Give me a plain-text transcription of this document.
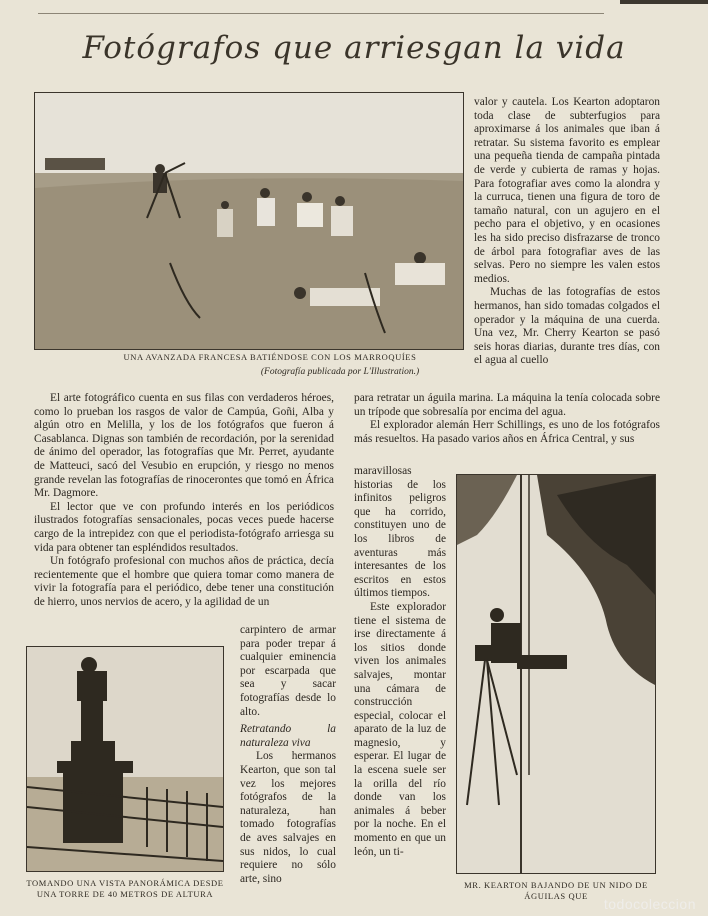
Fotógrafos que arriesgan la vida
UNA AVANZADA FRANCESA BATIÉNDOSE CON LOS MARROQUÍES
(Fotografía publicada por L'Illustration.)

valor y cautela. Los Kearton adoptaron toda clase de subterfugios para aproximarse á los animales que iban á retratar. Su sistema favorito es emplear una pequeña tienda de campaña pintada de verde y cubierta de ramas y hojas. Para fotografiar aves como la alondra y la curruca, tienen una figura de toro de tamaño natural, con un agujero en el pecho para el objetivo, y en ocasiones les ha sido preciso disfrazarse de tronco de árbol para fotografiar aves de las selvas. Pero no siempre les valen estos medios.

Muchas de las fotografías de estos hermanos, han sido tomadas colgados el operador y la máquina de una cuerda. Una vez, Mr. Cherry Kearton se pasó seis horas diarias, durante tres días, con el agua al cuello

El arte fotográfico cuenta en sus filas con verdaderos héroes, como lo prueban los rasgos de valor de Campúa, Goñi, Alba y algún otro en Melilla, y los de los fotógrafos que fueron á Casablanca. Dignas son también de recordación, por la serenidad de ánimo del operador, las fotografías que Mr. Perret, ayudante de Matteuci, sacó del Vesubio en erupción, y riesgo no menos grande revelan las fotografías de rinocerontes que tomó en África Mr. Dagmore.

El lector que ve con profundo interés en los periódicos ilustrados fotografías sensacionales, pocas veces puede hacerse cargo de la intrepidez con que el periodista-fotógrafo arriesga su vida para obtener tan espléndidos resultados.

Un fotógrafo profesional con muchos años de práctica, decía recientemente que el hombre que quiera tomar como manera de vivir la fotografía para el periódico, debe tener una constitución de hierro, unos nervios de acero, y la agilidad de un

para retratar un águila marina. La máquina la tenía colocada sobre un trípode que sobresalía por encima del agua.

El explorador alemán Herr Schillings, es uno de los fotógrafos más resueltos. Ha pasado varios años en África Central, y sus

maravillosas historias de los infinitos peligros que ha corrido, constituyen uno de los libros de aventuras más interesantes de los escritos en estos últimos tiempos.

Este explorador tiene el sistema de irse directamente á los sitios donde viven los animales salvajes, montar una cámara de construcción especial, colocar el aparato de la luz de magnesio, y esperar. El lugar de la escena suele ser la orilla del río donde van los animales á beber por la noche. En el momento en que un león, un ti-

TOMANDO UNA VISTA PANORÁMICA DESDE
UNA TORRE DE 40 METROS DE ALTURA

carpintero de armar para poder trepar á cualquier eminencia por escarpada que sea y sacar fotografías desde lo alto.

Retratando la naturaleza viva

Los hermanos Kearton, que son tal vez los mejores fotógrafos de la naturaleza, han tomado fotografías de aves salvajes en sus nidos, lo cual requiere no sólo arte, sino

MR. KEARTON BAJANDO DE UN NIDO DE
ÁGUILAS QUE	todocoleccion
